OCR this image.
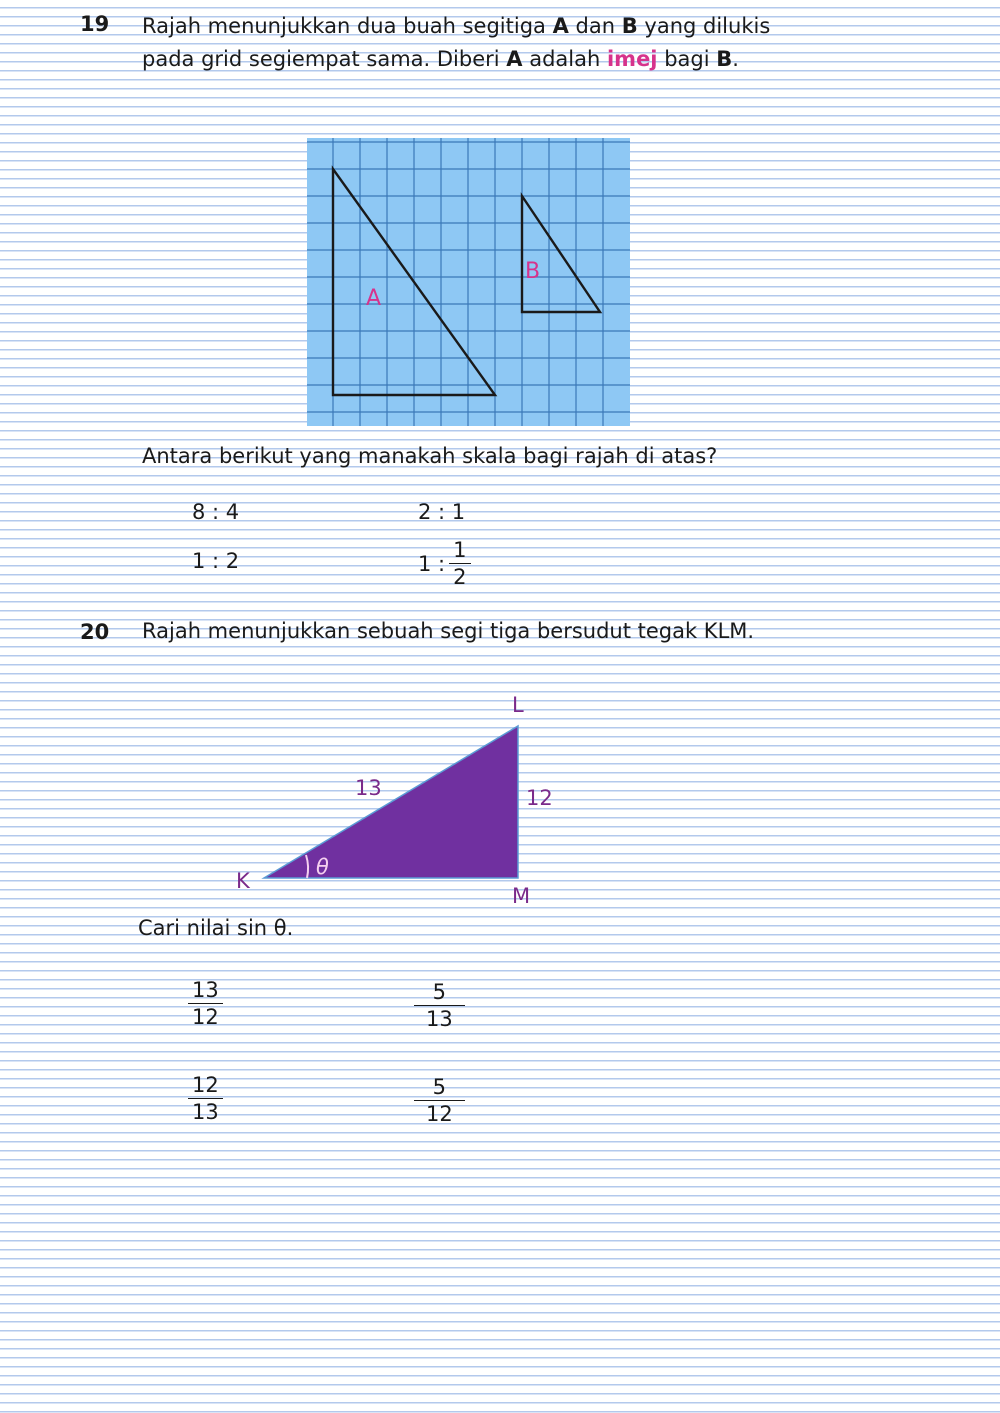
19 Rajah menunjukkan dua buah segitiga A dan B yang dilukis
pada grid segiempat sama. Diberi A adalah imej bagi B.
A
B
Antara berikut yang manakah skala bagi rajah di atas?
8 : 4	2 : 1
1 : 2	1 : $\frac{1}{2}$
20 Rajah menunjukkan sebuah segi tiga bersudut tegak KLM.
θ
K
L
M
13	12
Cari nilai sin θ.
$\frac{13}{12}$	$\frac{5}{13}$
$\frac{12}{13}$	$\frac{5}{12}$
